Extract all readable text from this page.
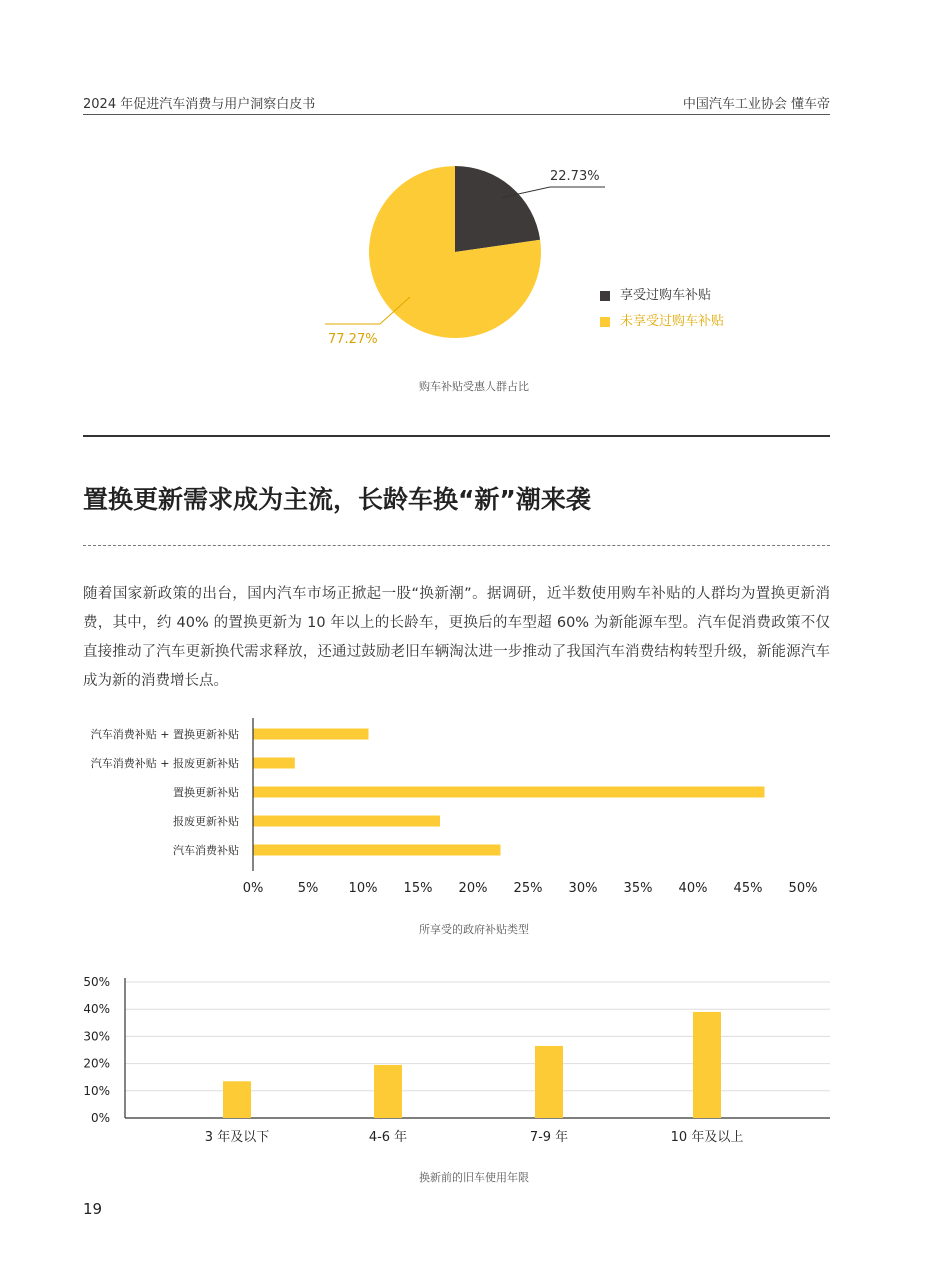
2024 年促进汽车消费与用户洞察白皮书	中国汽车工业协会 懂车帝
22.73%
77.27%
享受过购车补贴
未享受过购车补贴
购车补贴受惠人群占比
置换更新需求成为主流，长龄车换“新”潮来袭
随着国家新政策的出台，国内汽车市场正掀起一股“换新潮”。据调研，近半数使用购车补贴的人群均为置换更新消费，其中，约 40% 的置换更新为 10 年以上的长龄车，更换后的车型超 60% 为新能源车型。汽车促消费政策不仅直接推动了汽车更新换代需求释放，还通过鼓励老旧车辆淘汰进一步推动了我国汽车消费结构转型升级，新能源汽车成为新的消费增长点。
汽车消费补贴 + 置换更新补贴
汽车消费补贴 + 报废更新补贴
置换更新补贴
报废更新补贴
汽车消费补贴
0%	5% 10% 15% 20% 25% 30% 35% 40% 45% 50%
所享受的政府补贴类型
0%
10%
20%
30%
40%
50%
3 年及以下	4-6 年	7-9 年	10 年及以上
换新前的旧车使用年限
19
